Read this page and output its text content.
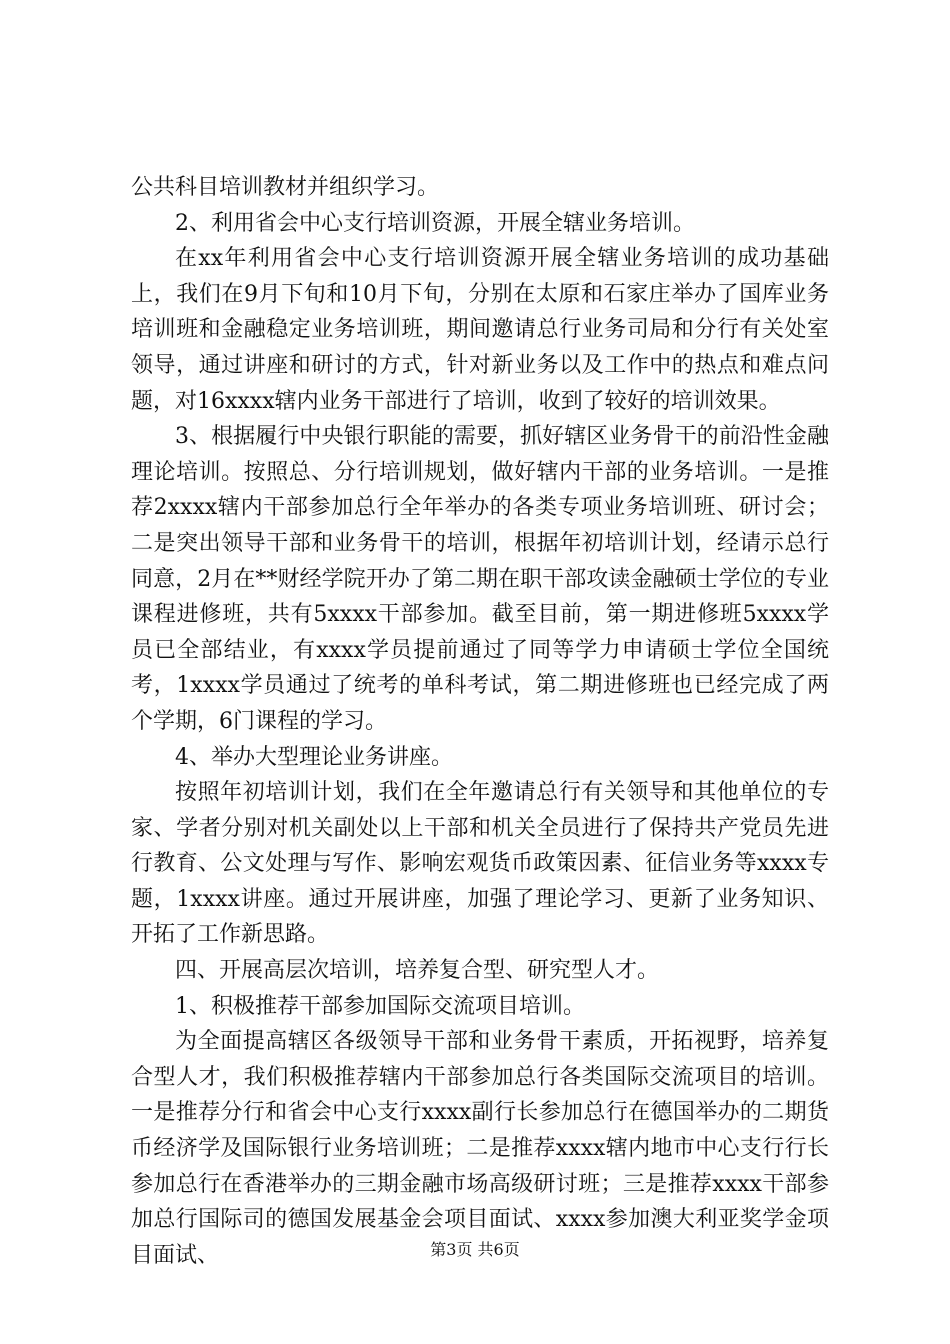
公共科目培训教材并组织学习。

2、利用省会中心支行培训资源，开展全辖业务培训。

在xx年利用省会中心支行培训资源开展全辖业务培训的成功基础上，我们在9月下旬和10月下旬，分别在太原和石家庄举办了国库业务培训班和金融稳定业务培训班，期间邀请总行业务司局和分行有关处室领导，通过讲座和研讨的方式，针对新业务以及工作中的热点和难点问题，对16xxxx辖内业务干部进行了培训，收到了较好的培训效果。

3、根据履行中央银行职能的需要，抓好辖区业务骨干的前沿性金融理论培训。按照总、分行培训规划，做好辖内干部的业务培训。一是推荐2xxxx辖内干部参加总行全年举办的各类专项业务培训班、研讨会；二是突出领导干部和业务骨干的培训，根据年初培训计划，经请示总行同意，2月在**财经学院开办了第二期在职干部攻读金融硕士学位的专业课程进修班，共有5xxxx干部参加。截至目前，第一期进修班5xxxx学员已全部结业，有xxxx学员提前通过了同等学力申请硕士学位全国统考，1xxxx学员通过了统考的单科考试，第二期进修班也已经完成了两个学期，6门课程的学习。

4、举办大型理论业务讲座。

按照年初培训计划，我们在全年邀请总行有关领导和其他单位的专家、学者分别对机关副处以上干部和机关全员进行了保持共产党员先进行教育、公文处理与写作、影响宏观货币政策因素、征信业务等xxxx专题，1xxxx讲座。通过开展讲座，加强了理论学习、更新了业务知识、开拓了工作新思路。

四、开展高层次培训，培养复合型、研究型人才。

1、积极推荐干部参加国际交流项目培训。

为全面提高辖区各级领导干部和业务骨干素质，开拓视野，培养复合型人才，我们积极推荐辖内干部参加总行各类国际交流项目的培训。一是推荐分行和省会中心支行xxxx副行长参加总行在德国举办的二期货币经济学及国际银行业务培训班；二是推荐xxxx辖内地市中心支行行长参加总行在香港举办的三期金融市场高级研讨班；三是推荐xxxx干部参加总行国际司的德国发展基金会项目面试、xxxx参加澳大利亚奖学金项目面试、	第3页 共6页
